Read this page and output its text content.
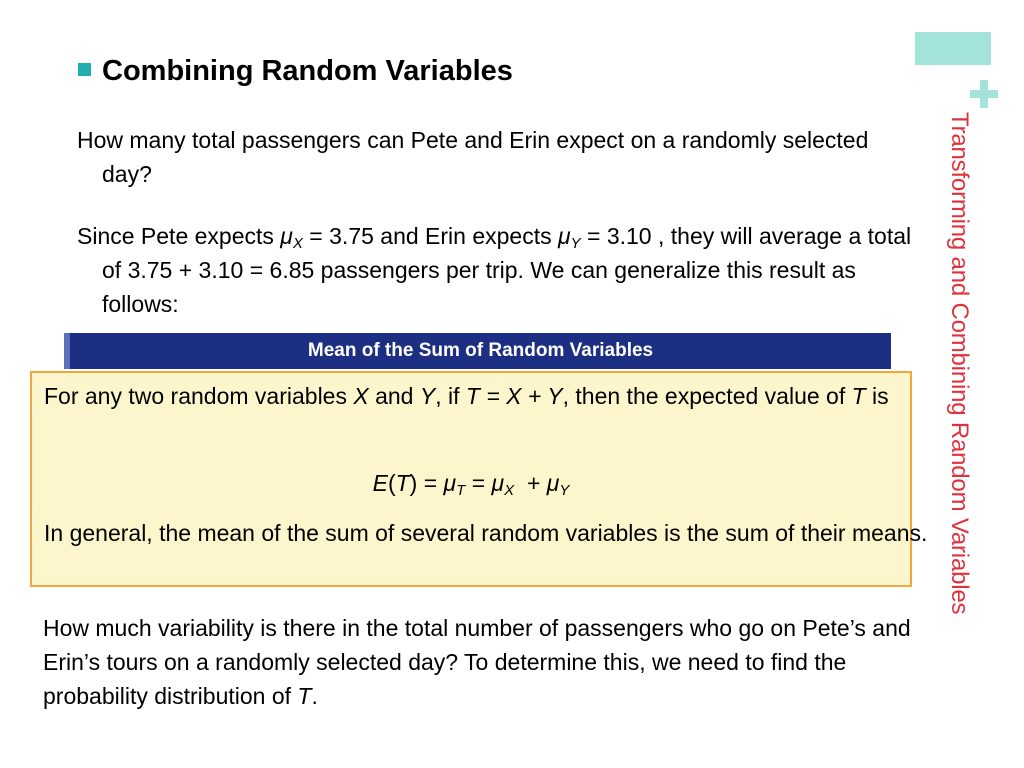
Transforming and Combining Random Variables
Combining Random Variables
How many total passengers can Pete and Erin expect on a randomly selected day?
Since Pete expects $\mu_X = 3.75$ and Erin expects $\mu_Y = 3.10$ , they will average a total of 3.75 + 3.10 = 6.85 passengers per trip. We can generalize this result as follows:
Mean of the Sum of Random Variables
For any two random variables X and Y, if T = X + Y, then the expected value of T is
$E(T) = \mu_T = \mu_X + \mu_Y$
In general, the mean of the sum of several random variables is the sum of their means.
How much variability is there in the total number of passengers who go on Pete’s and Erin’s tours on a randomly selected day? To determine this, we need to find the probability distribution of T.
